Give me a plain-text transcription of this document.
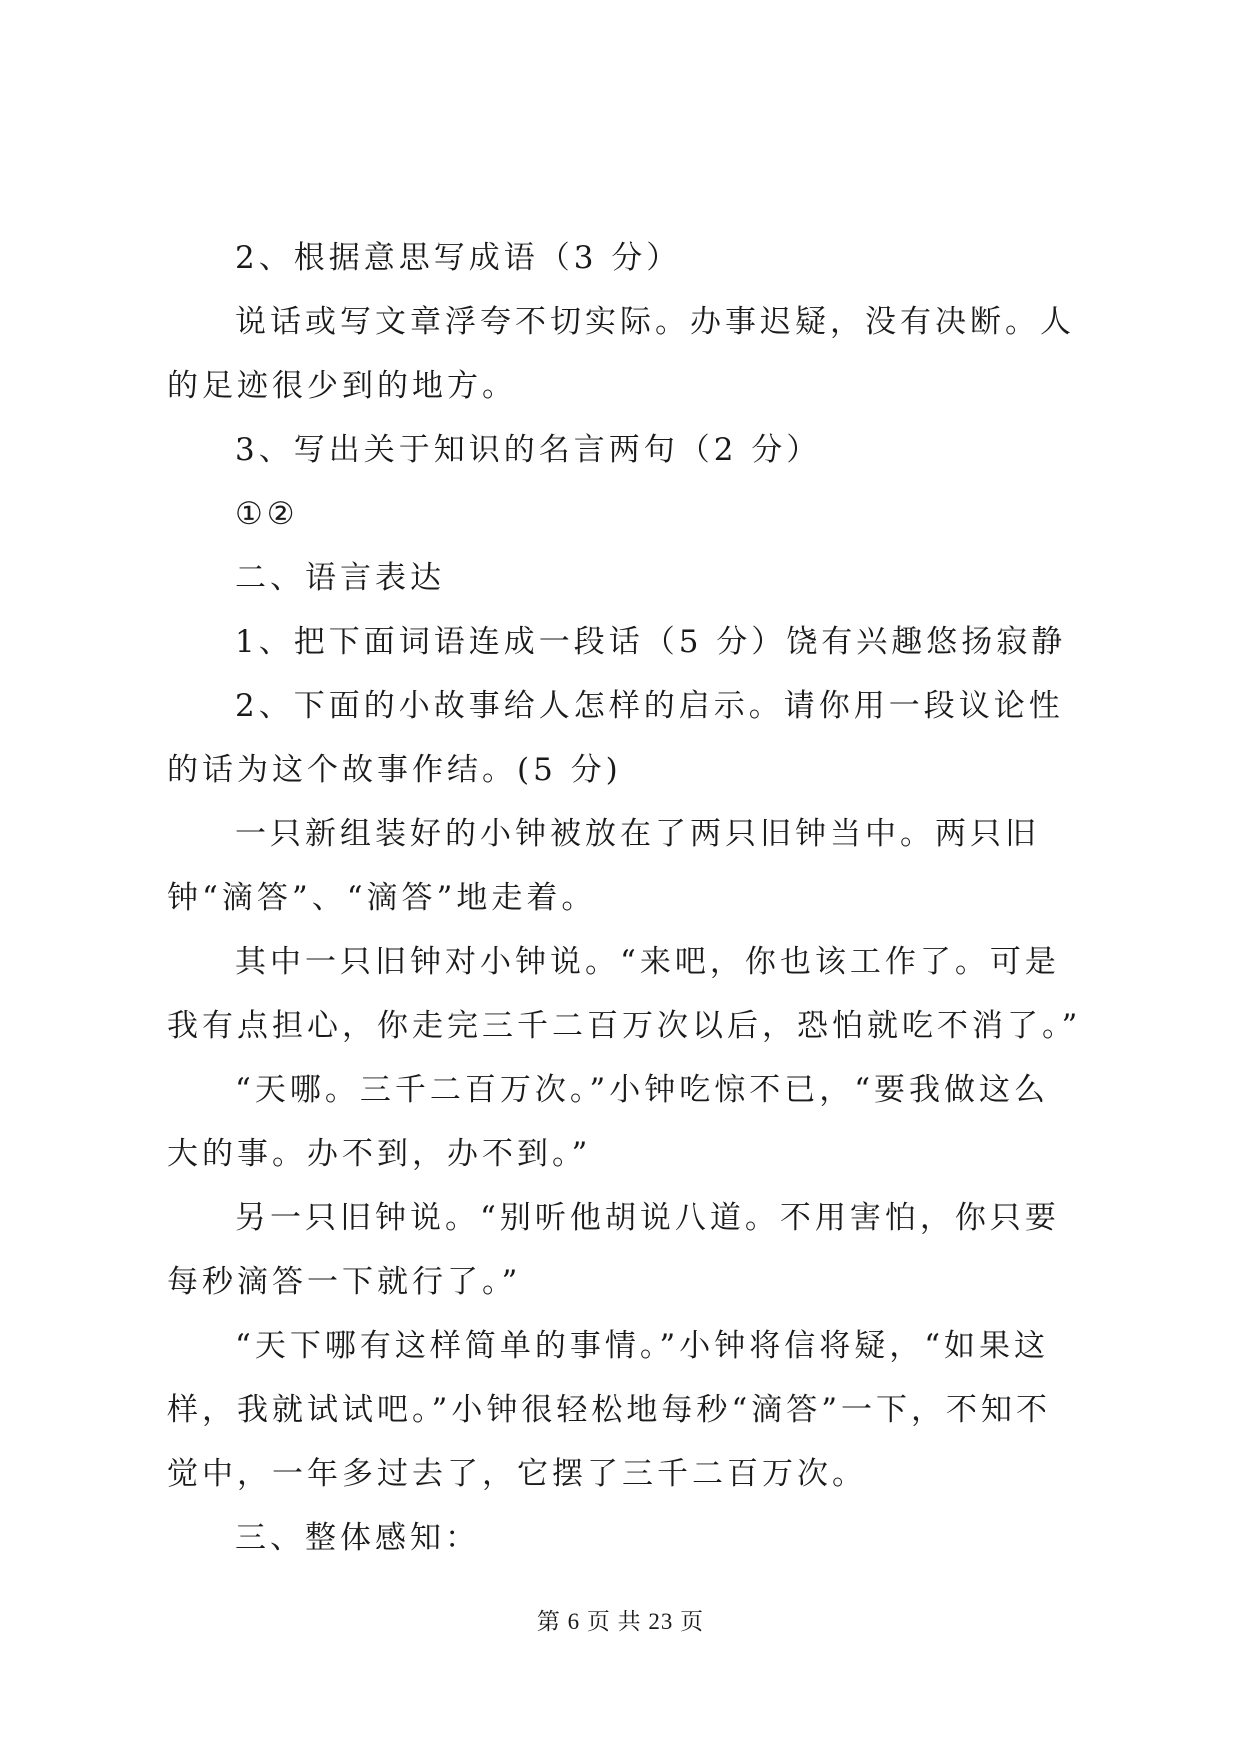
2、根据意思写成语（3 分）

说话或写文章浮夸不切实际。办事迟疑，没有决断。人的足迹很少到的地方。

3、写出关于知识的名言两句（2 分）

①②

二、语言表达

1、把下面词语连成一段话（5 分）饶有兴趣悠扬寂静

2、下面的小故事给人怎样的启示。请你用一段议论性的话为这个故事作结。(5 分)

一只新组装好的小钟被放在了两只旧钟当中。两只旧钟“滴答”、“滴答”地走着。

其中一只旧钟对小钟说。“来吧，你也该工作了。可是我有点担心，你走完三千二百万次以后，恐怕就吃不消了。”

“天哪。三千二百万次。”小钟吃惊不已，“要我做这么大的事。办不到，办不到。”

另一只旧钟说。“别听他胡说八道。不用害怕，你只要每秒滴答一下就行了。”

“天下哪有这样简单的事情。”小钟将信将疑，“如果这样，我就试试吧。”小钟很轻松地每秒“滴答”一下，不知不觉中，一年多过去了，它摆了三千二百万次。

三、整体感知：

第 6 页 共 23 页
